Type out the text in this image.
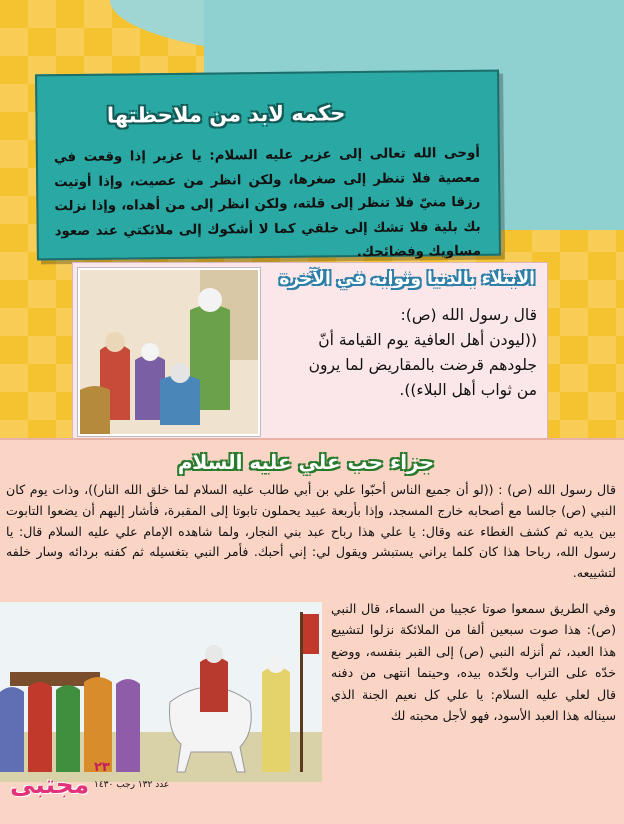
حكمه لابد من ملاحظتها
أوحى الله تعالى إلى عزير عليه السلام: يا عزير إذا وقعت في معصية فلا تنظر إلى صغرها، ولكن انظر من عصيت، وإذا أوتيت رزقا منيّ فلا تنظر إلى قلته، ولكن انظر إلى من أهداه، وإذا نزلت بك بلية فلا تشك إلى خلقي كما لا أشكوك إلى ملائكتي عند صعود مساويك وفضائحك.
الابتلاء بالدنيا وثوابه في الآخرة
قال رسول الله (ص):
((ليودن أهل العافية يوم القيامة أنّ
جلودهم قرضت بالمقاريض لما يرون
من ثواب أهل البلاء)).
جزاء حب علي عليه السلام
قال رسول الله (ص) : ((لو أن جميع الناس أحبّوا علي بن أبي طالب عليه السلام لما خلق الله النار))، وذات يوم كان النبي (ص) جالسا مع أصحابه خارج المسجد، وإذا بأربعة عبيد يحملون تابوتا إلى المقبرة، فأشار إليهم أن يضعوا التابوت بين يديه ثم كشف الغطاء عنه وقال: يا علي هذا رباح عبد بني النجار، ولما شاهده الإمام علي عليه السلام قال: يا رسول الله، رباحا هذا كان كلما يراني يستبشر ويقول لي: إني أحبك. فأمر النبي بتغسيله ثم كفنه بردائه وسار خلفه لتشييعه.
وفي الطريق سمعوا صوتا عجيبا من السماء، قال النبي (ص): هذا صوت سبعين ألفا من الملائكة نزلوا لتشييع هذا العبد، ثم أنزله النبي (ص) إلى القبر بنفسه، ووضع خدّه على التراب ولحّده بيده، وحينما انتهى من دفنه قال لعلي عليه السلام: يا علي كل نعيم الجنة الذي سيناله هذا العبد الأسود، فهو لأجل محبته لك
٢٣
مجتبى عدد ١٣٢ رجب ١٤٣٠
